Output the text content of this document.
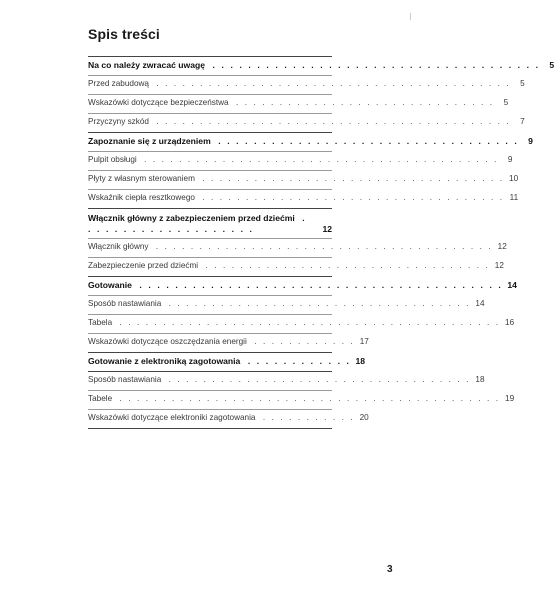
Spis treści
Na co należy zwracać uwagę . . . . . . . . . . . . . . . . . . . . . . . . . . . . . . . . . . . . .	5
Przed zabudową . . . . . . . . . . . . . . . . . . . . . . . . . . . . . . . . . . . . . . . . .	5
Wskazówki dotyczące bezpieczeństwa . . . . . . . . . . . . . . . . . . . . . . . . . . . . . .	5
Przyczyny szkód . . . . . . . . . . . . . . . . . . . . . . . . . . . . . . . . . . . . . . . . .	7
Zapoznanie się z urządzeniem . . . . . . . . . . . . . . . . . . . . . . . . . . . . . . . . . .	9
Pulpit obsługi . . . . . . . . . . . . . . . . . . . . . . . . . . . . . . . . . . . . . . . . .	9
Płyty z własnym sterowaniem . . . . . . . . . . . . . . . . . . . . . . . . . . . . . . . . . . . 10
Wskaźnik ciepła resztkowego . . . . . . . . . . . . . . . . . . . . . . . . . . . . . . . . . . . 11
Włącznik główny z zabezpieczeniem przed dziećmi . . . . . . . . . . . . . . . . . . . .	12
Włącznik główny . . . . . . . . . . . . . . . . . . . . . . . . . . . . . . . . . . . . . . . 12
Zabezpieczenie przed dziećmi . . . . . . . . . . . . . . . . . . . . . . . . . . . . . . . . . 12
Gotowanie . . . . . . . . . . . . . . . . . . . . . . . . . . . . . . . . . . . . . . . . . 14
Sposób nastawiania . . . . . . . . . . . . . . . . . . . . . . . . . . . . . . . . . . . 14
Tabela . . . . . . . . . . . . . . . . . . . . . . . . . . . . . . . . . . . . . . . . . . . . 16
Wskazówki dotyczące oszczędzania energii . . . . . . . . . . . . 17
Gotowanie z elektroniką zagotowania . . . . . . . . . . . . 18
Sposób nastawiania . . . . . . . . . . . . . . . . . . . . . . . . . . . . . . . . . . . 18
Tabele . . . . . . . . . . . . . . . . . . . . . . . . . . . . . . . . . . . . . . . . . . . . 19
Wskazówki dotyczące elektroniki zagotowania . . . . . . . . . . . 20
3
